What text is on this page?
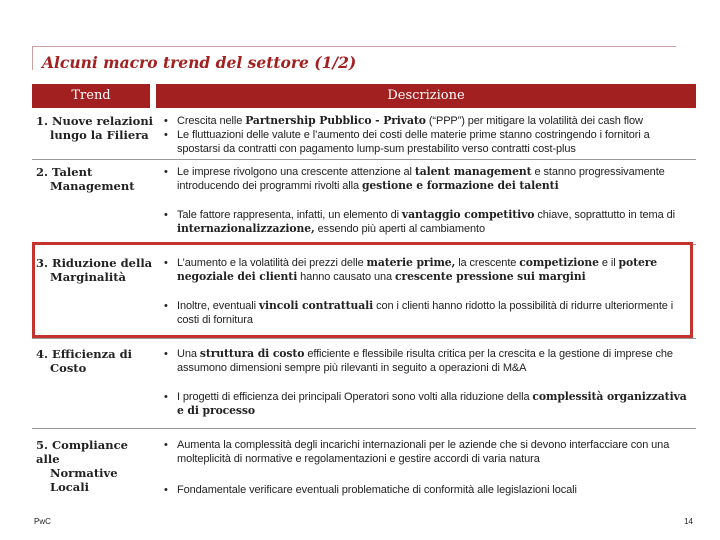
Alcuni macro trend del settore (1/2)
Trend	Descrizione
1. Nuove relazioni
lungo la Filiera
• Crescita nelle Partnership Pubblico - Privato (“PPP”) per mitigare la volatilità dei cash flow
• Le fluttuazioni delle valute e l’aumento dei costi delle materie prime stanno costringendo i fornitori a spostarsi da contratti con pagamento lump-sum prestabilito verso contratti cost-plus
2. Talent
Management
• Le imprese rivolgono una crescente attenzione al talent management e stanno progressivamente introducendo dei programmi rivolti alla gestione e formazione dei talenti
• Tale fattore rappresenta, infatti, un elemento di vantaggio competitivo chiave, soprattutto in tema di internazionalizzazione, essendo più aperti al cambiamento
3. Riduzione della
Marginalità
• L’aumento e la volatilità dei prezzi delle materie prime, la crescente competizione e il potere negoziale dei clienti hanno causato una crescente pressione sui margini
• Inoltre, eventuali vincoli contrattuali con i clienti hanno ridotto la possibilità di ridurre ulteriormente i costi di fornitura
4. Efficienza di
Costo
• Una struttura di costo efficiente e flessibile risulta critica per la crescita e la gestione di imprese che assumono dimensioni sempre più rilevanti in seguito a operazioni di M&A
• I progetti di efficienza dei principali Operatori sono volti alla riduzione della complessità organizzativa e di processo
5. Compliance alle
Normative
Locali
• Aumenta la complessità degli incarichi internazionali per le aziende che si devono interfacciare con una molteplicità di normative e regolamentazioni e gestire accordi di varia natura
• Fondamentale verificare eventuali problematiche di conformità alle legislazioni locali
PwC	14
